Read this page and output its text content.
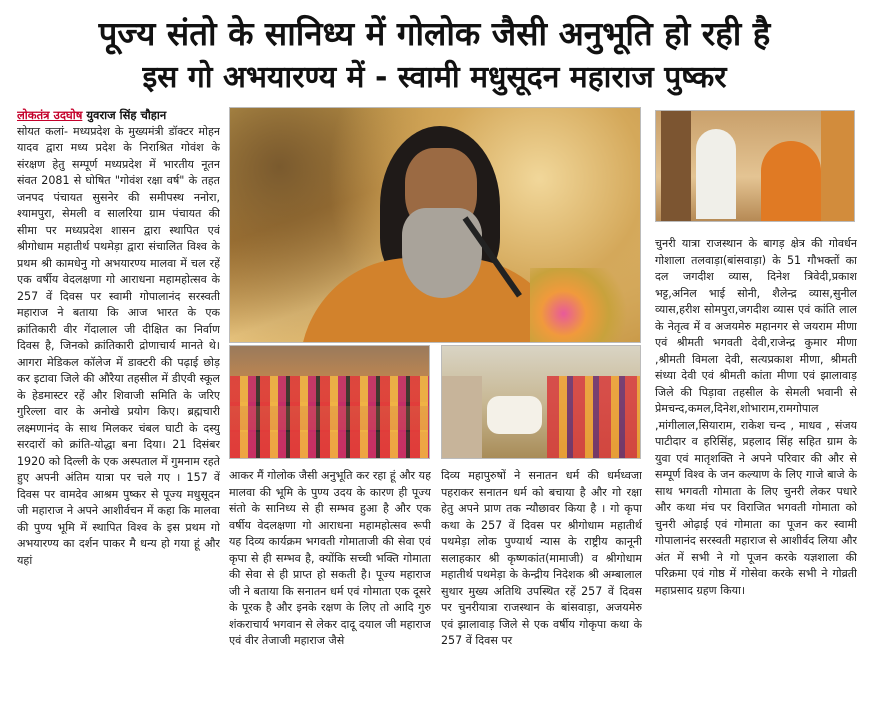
पूज्य संतो के सानिध्य में गोलोक जैसी अनुभूति हो रही है
इस गो अभयारण्य में - स्वामी मधुसूदन महाराज पुष्कर
लोकतंत्र उदघोष युवराज सिंह चौहान
सोयत कलां- मध्यप्रदेश के मुख्यमंत्री डॉक्टर मोहन यादव द्वारा मध्य प्रदेश के निराश्रित गोवंश के संरक्षण हेतु सम्पूर्ण मध्यप्रदेश में भारतीय नूतन संवत 2081 से घोषित "गोवंश रक्षा वर्ष" के तहत जनपद पंचायत सुसनेर की समीपस्थ ननोरा, श्यामपुरा, सेमली व सालरिया ग्राम पंचायत की सीमा पर मध्यप्रदेश शासन द्वारा स्थापित एवं श्रीगोधाम महातीर्थ पथमेड़ा द्वारा संचालित विश्व के प्रथम श्री कामधेनु गो अभयारण्य मालवा में चल रहें एक वर्षीय वेदलक्षणा गो आराधना महामहोत्सव के 257 वें दिवस पर स्वामी गोपालानंद सरस्वती महाराज ने बताया कि आज भारत के एक क्रांतिकारी वीर गेंदालाल जी दीक्षित का निर्वाण दिवस है, जिनको क्रांतिकारी द्रोणाचार्य मानते थे। आगरा मेडिकल कॉलेज में डाक्टरी की पढ़ाई छोड़ कर इटावा जिले की औरैया तहसील में डीएवी स्कूल के हेडमास्टर रहें और शिवाजी समिति के जरिए गुरिल्ला वार के अनोखे प्रयोग किए। ब्रह्मचारी लक्ष्मणानंद के साथ मिलकर चंबल घाटी के दस्यु सरदारों को क्रांति-योद्धा बना दिया। 21 दिसंबर 1920 को दिल्ली के एक अस्पताल में गुमनाम रहते हुए अपनी अंतिम यात्रा पर चले गए । 157 वें दिवस पर वामदेव आश्रम पुष्कर से पूज्य मधुसूदन जी महाराज ने अपने आशीर्वचन में कहा कि मालवा की पुण्य भूमि में स्थापित विश्व के इस प्रथम गो अभयारण्य का दर्शन पाकर मै धन्य हो गया हूं और यहां
आकर मैं गोलोक जैसी अनुभूति कर रहा हूं और यह मालवा की भूमि के पुण्य उदय के कारण ही पूज्य संतो के सानिध्य से ही सम्भव हुआ है और एक वर्षीय वेदलक्षणा गो आराधना महामहोत्सव रूपी यह दिव्य कार्यक्रम भगवती गोमाताजी की सेवा एवं कृपा से ही सम्भव है, क्योंकि सच्ची भक्ति गोमाता की सेवा से ही प्राप्त हो सकती है। पूज्य महाराज जी ने बताया कि सनातन धर्म एवं गोमाता एक दूसरे के पूरक है और इनके रक्षण के लिए तो आदि गुरु शंकराचार्य भगवान से लेकर दादू दयाल जी महाराज एवं वीर तेजाजी महाराज जैसे
दिव्य महापुरुषों ने सनातन धर्म की धर्मध्वजा पहराकर सनातन धर्म को बचाया है और गो रक्षा हेतु अपने प्राण तक न्यौछावर किया है । गो कृपा कथा के 257 वें दिवस पर श्रीगोधाम महातीर्थ पथमेड़ा लोक पुण्यार्थ न्यास के राष्ट्रीय कानूनी सलाहकार श्री कृष्णकांत(मामाजी) व श्रीगोधाम महातीर्थ पथमेड़ा के केन्द्रीय निदेशक श्री अम्बालाल सुथार मुख्य अतिथि उपस्थित रहें 257 वें दिवस पर चुनरीयात्रा राजस्थान के बांसवाड़ा, अजयमेरु एवं झालावाड़ जिले से एक वर्षीय गोकृपा कथा के 257 वें दिवस पर
चुनरी यात्रा राजस्थान के बागड़ क्षेत्र की गोवर्धन गोशाला तलवाड़ा(बांसवाड़ा) के 51 गौभक्तों का दल जगदीश व्यास, दिनेश त्रिवेदी,प्रकाश भट्ट,अनिल भाई सोनी, शैलेन्द्र व्यास,सुनील व्यास,हरीश सोमपुरा,जगदीश व्यास एवं कांति लाल के नेतृत्व में व अजयमेरु महानगर से जयराम मीणा एवं श्रीमती भगवती देवी,राजेन्द्र कुमार मीणा ,श्रीमती विमला देवी, सत्यप्रकाश मीणा, श्रीमती संध्या देवी एवं श्रीमती कांता मीणा एवं झालावाड़ जिले की पिड़ावा तहसील के सेमली भवानी से प्रेमचन्द,कमल,दिनेश,शोभाराम,रामगोपाल ,मांगीलाल,सियाराम, राकेश चन्द , माधव , संजय पाटीदार व हरिसिंह, प्रहलाद सिंह सहित ग्राम के युवा एवं मातृशक्ति ने अपने परिवार की और से सम्पूर्ण विश्व के जन कल्याण के लिए गाजे बाजे के साथ भगवती गोमाता के लिए चुनरी लेकर पधारे और कथा मंच पर विराजित भगवती गोमाता को चुनरी ओढ़ाई एवं गोमाता का पूजन कर स्वामी गोपालानंद सरस्वती महाराज से आशीर्वद लिया और अंत में सभी ने गो पूजन करके यज्ञशाला की परिक्रमा एवं गोष्ठ में गोसेवा करके सभी ने गोव्रती महाप्रसाद ग्रहण किया।
